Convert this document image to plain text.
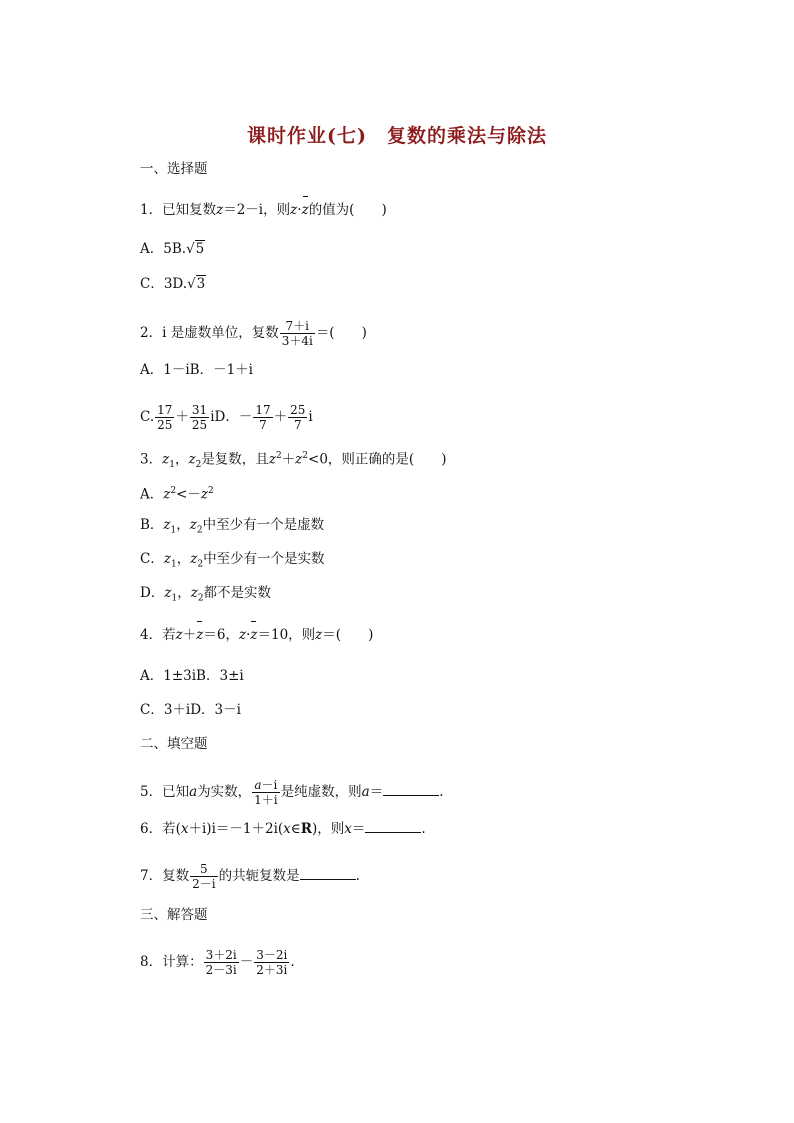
课时作业(七) 复数的乘法与除法
一、选择题
1．已知复数z＝2－i，则z·z的值为(　　)
A．5B.√5
C．3D.√3
2．i 是虚数单位，复数 $\frac{7+i}{3+4i}$ ＝(　　)
A．1－iB．－1＋i
C. $\frac{17}{25} + \frac{31}{25}$ iD．－ $\frac{17}{7} + \frac{25}{7}$ i
3．$z_1$，$z_2$是复数，且$z^2+z^2<0$，则正确的是(　　)
A．$z^2<-z^2$
B．$z_1$，$z_2$中至少有一个是虚数
C．$z_1$，$z_2$中至少有一个是实数
D．$z_1$，$z_2$都不是实数
4．若z＋z＝6，z·z＝10，则z＝(　　)
A．1±3iB．3±i
C．3＋iD．3－i
二、填空题
5．已知a为实数， $\frac{a-i}{1+i}$ 是纯虚数，则a＝	.
6．若(x＋i)i＝－1＋2i(x∈R)，则x＝	.
7．复数 $\frac{5}{2-i}$ 的共轭复数是	.
三、解答题
8．计算： $\frac{3+2i}{2-3i} - \frac{3-2i}{2+3i}$ .
